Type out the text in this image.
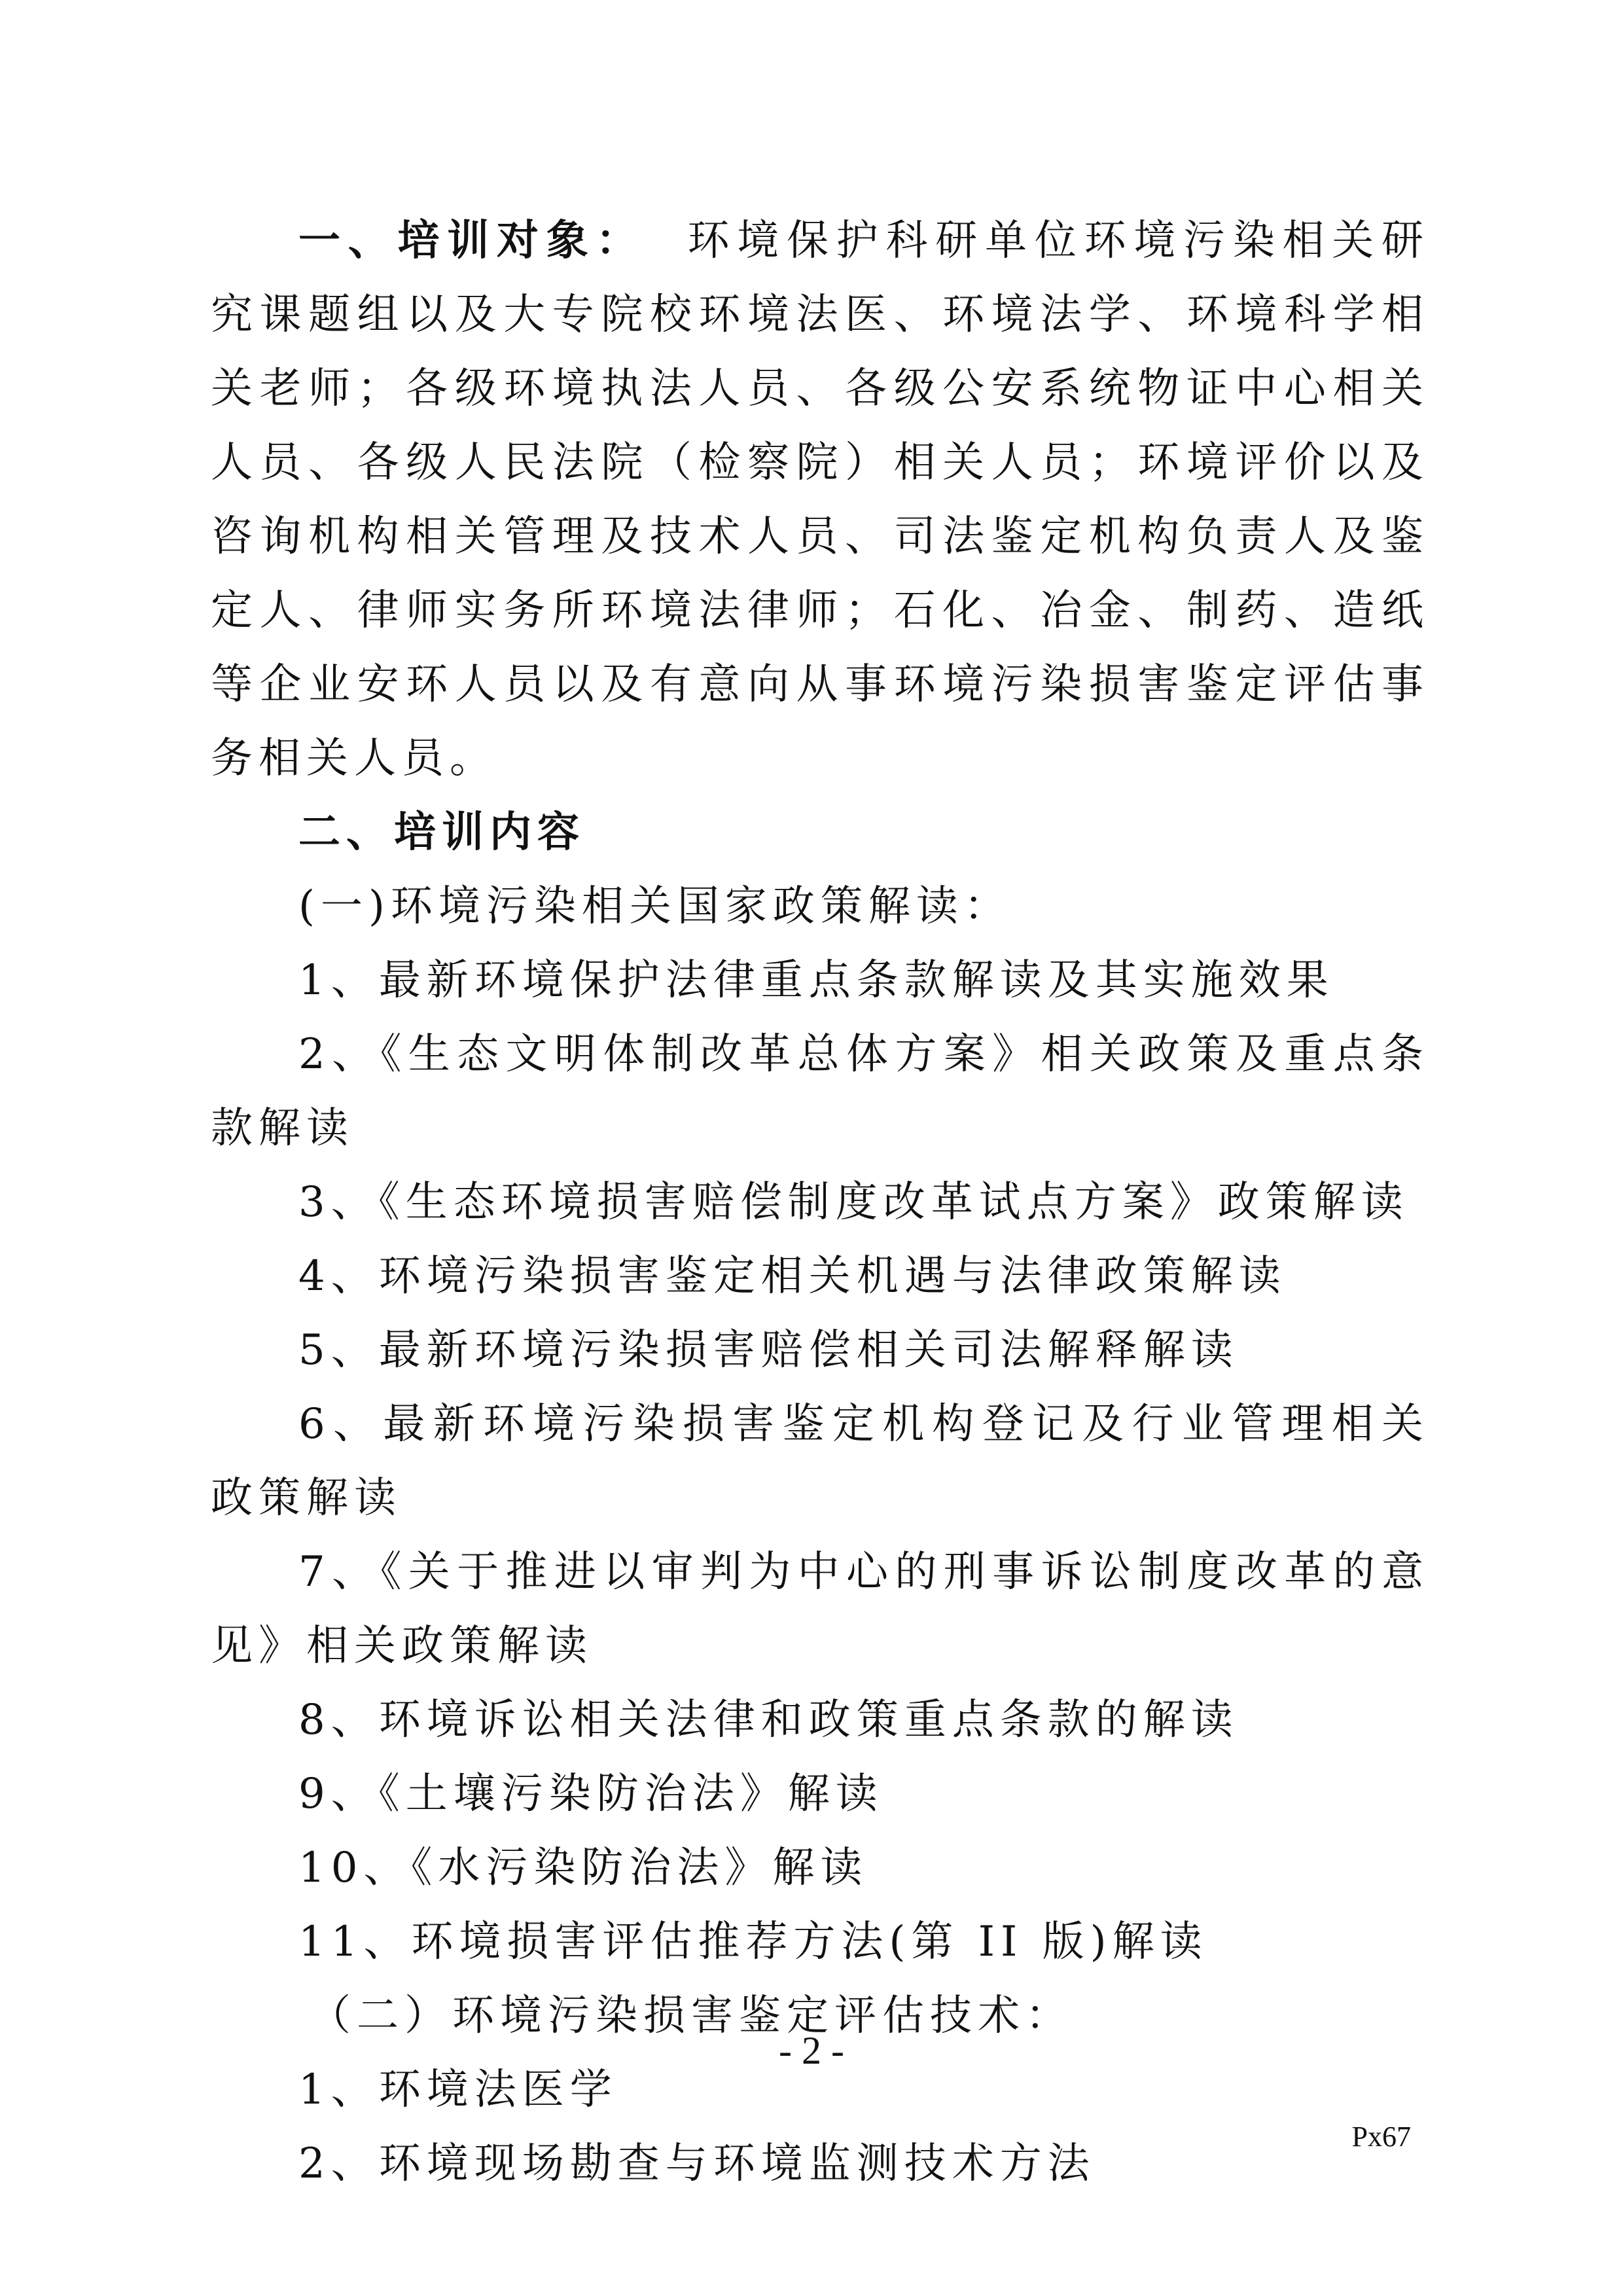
一、培训对象： 环境保护科研单位环境污染相关研究课题组以及大专院校环境法医、环境法学、环境科学相关老师；各级环境执法人员、各级公安系统物证中心相关人员、各级人民法院（检察院）相关人员；环境评价以及咨询机构相关管理及技术人员、司法鉴定机构负责人及鉴定人、律师实务所环境法律师；石化、冶金、制药、造纸等企业安环人员以及有意向从事环境污染损害鉴定评估事务相关人员。

二、培训内容

(一)环境污染相关国家政策解读：

1、最新环境保护法律重点条款解读及其实施效果

2、《生态文明体制改革总体方案》相关政策及重点条款解读

3、《生态环境损害赔偿制度改革试点方案》政策解读

4、环境污染损害鉴定相关机遇与法律政策解读

5、最新环境污染损害赔偿相关司法解释解读

6、最新环境污染损害鉴定机构登记及行业管理相关政策解读

7、《关于推进以审判为中心的刑事诉讼制度改革的意见》相关政策解读

8、环境诉讼相关法律和政策重点条款的解读

9、《土壤污染防治法》解读

10、《水污染防治法》解读

11、环境损害评估推荐方法(第 II 版)解读

（二）环境污染损害鉴定评估技术：

1、环境法医学

2、环境现场勘查与环境监测技术方法

- 2 -
Px67
